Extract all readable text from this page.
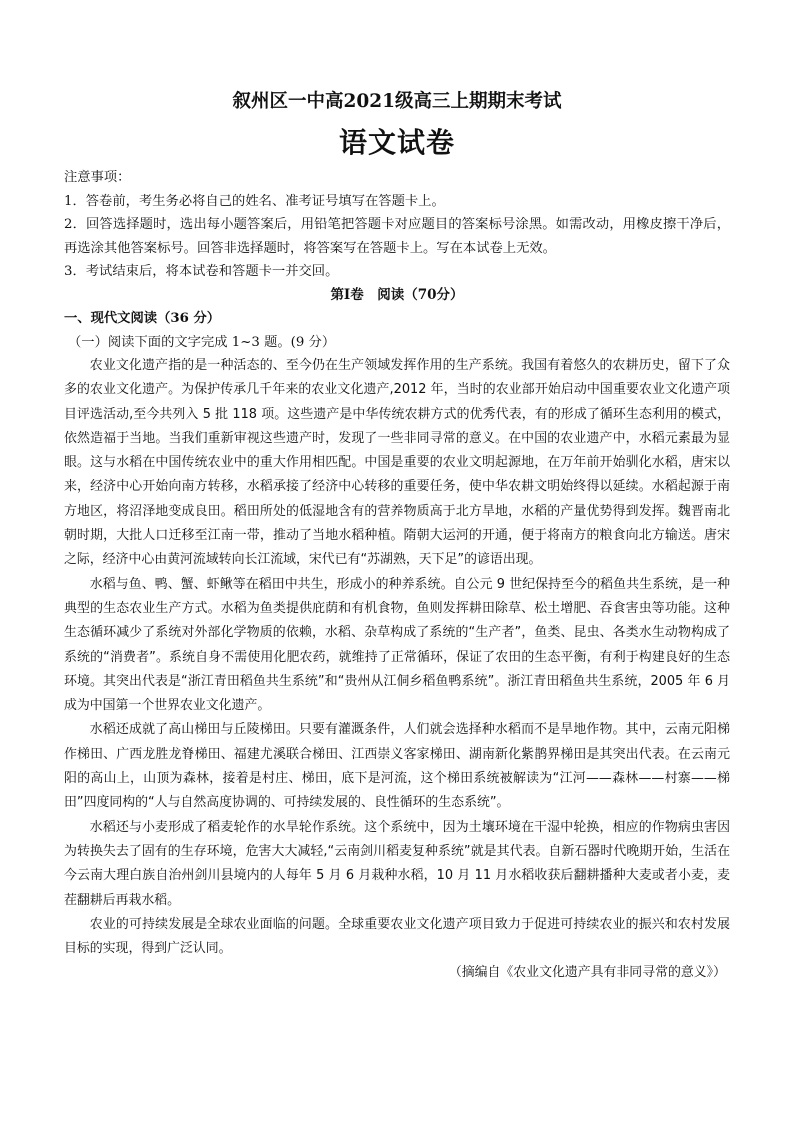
叙州区一中高2021级高三上期期末考试
语文试卷
注意事项：
1．答卷前，考生务必将自己的姓名、准考证号填写在答题卡上。
2．回答选择题时，选出每小题答案后，用铅笔把答题卡对应题目的答案标号涂黑。如需改动，用橡皮擦干净后，再选涂其他答案标号。回答非选择题时，将答案写在答题卡上。写在本试卷上无效。
3．考试结束后，将本试卷和答题卡一并交回。
第Ⅰ卷　阅读（70分）
一、现代文阅读（36 分）
（一）阅读下面的文字完成 1~3 题。(9 分）

农业文化遗产指的是一种活态的、至今仍在生产领域发挥作用的生产系统。我国有着悠久的农耕历史，留下了众多的农业文化遗产。为保护传承几千年来的农业文化遗产,2012 年，当时的农业部开始启动中国重要农业文化遗产项目评选活动,至今共列入 5 批 118 项。这些遗产是中华传统农耕方式的优秀代表，有的形成了循环生态利用的模式，依然造福于当地。当我们重新审视这些遗产时，发现了一些非同寻常的意义。在中国的农业遗产中，水稻元素最为显眼。这与水稻在中国传统农业中的重大作用相匹配。中国是重要的农业文明起源地，在万年前开始驯化水稻，唐宋以来，经济中心开始向南方转移，水稻承接了经济中心转移的重要任务，使中华农耕文明始终得以延续。水稻起源于南方地区，将沼泽地变成良田。稻田所处的低湿地含有的营养物质高于北方旱地，水稻的产量优势得到发挥。魏晋南北朝时期，大批人口迁移至江南一带，推动了当地水稻种植。隋朝大运河的开通，便于将南方的粮食向北方输送。唐宋之际，经济中心由黄河流域转向长江流域，宋代已有“苏湖熟，天下足”的谚语出现。

水稻与鱼、鸭、蟹、虾鳅等在稻田中共生，形成小的种养系统。自公元 9 世纪保持至今的稻鱼共生系统，是一种典型的生态农业生产方式。水稻为鱼类提供庇荫和有机食物，鱼则发挥耕田除草、松土增肥、吞食害虫等功能。这种生态循环减少了系统对外部化学物质的依赖，水稻、杂草构成了系统的“生产者”，鱼类、昆虫、各类水生动物构成了系统的“消费者”。系统自身不需使用化肥农药，就维持了正常循环，保证了农田的生态平衡，有利于构建良好的生态环境。其突出代表是“浙江青田稻鱼共生系统”和“贵州从江侗乡稻鱼鸭系统”。浙江青田稻鱼共生系统，2005 年 6 月成为中国第一个世界农业文化遗产。

水稻还成就了高山梯田与丘陵梯田。只要有灌溉条件，人们就会选择种水稻而不是旱地作物。其中，云南元阳梯作梯田、广西龙胜龙脊梯田、福建尤溪联合梯田、江西崇义客家梯田、湖南新化紫鹊界梯田是其突出代表。在云南元阳的高山上，山顶为森林，接着是村庄、梯田，底下是河流，这个梯田系统被解读为“江河——森林——村寨——梯田”四度同构的“人与自然高度协调的、可持续发展的、良性循环的生态系统”。

水稻还与小麦形成了稻麦轮作的水旱轮作系统。这个系统中，因为土壤环境在干湿中轮换，相应的作物病虫害因为转换失去了固有的生存环境，危害大大减轻,“云南剑川稻麦复种系统”就是其代表。自新石器时代晚期开始，生活在今云南大理白族自治州剑川县境内的人每年 5 月 6 月栽种水稻，10 月 11 月水稻收获后翻耕播种大麦或者小麦，麦茬翻耕后再栽水稻。

农业的可持续发展是全球农业面临的问题。全球重要农业文化遗产项目致力于促进可持续农业的振兴和农村发展目标的实现，得到广泛认同。

（摘编自《农业文化遗产具有非同寻常的意义》）
